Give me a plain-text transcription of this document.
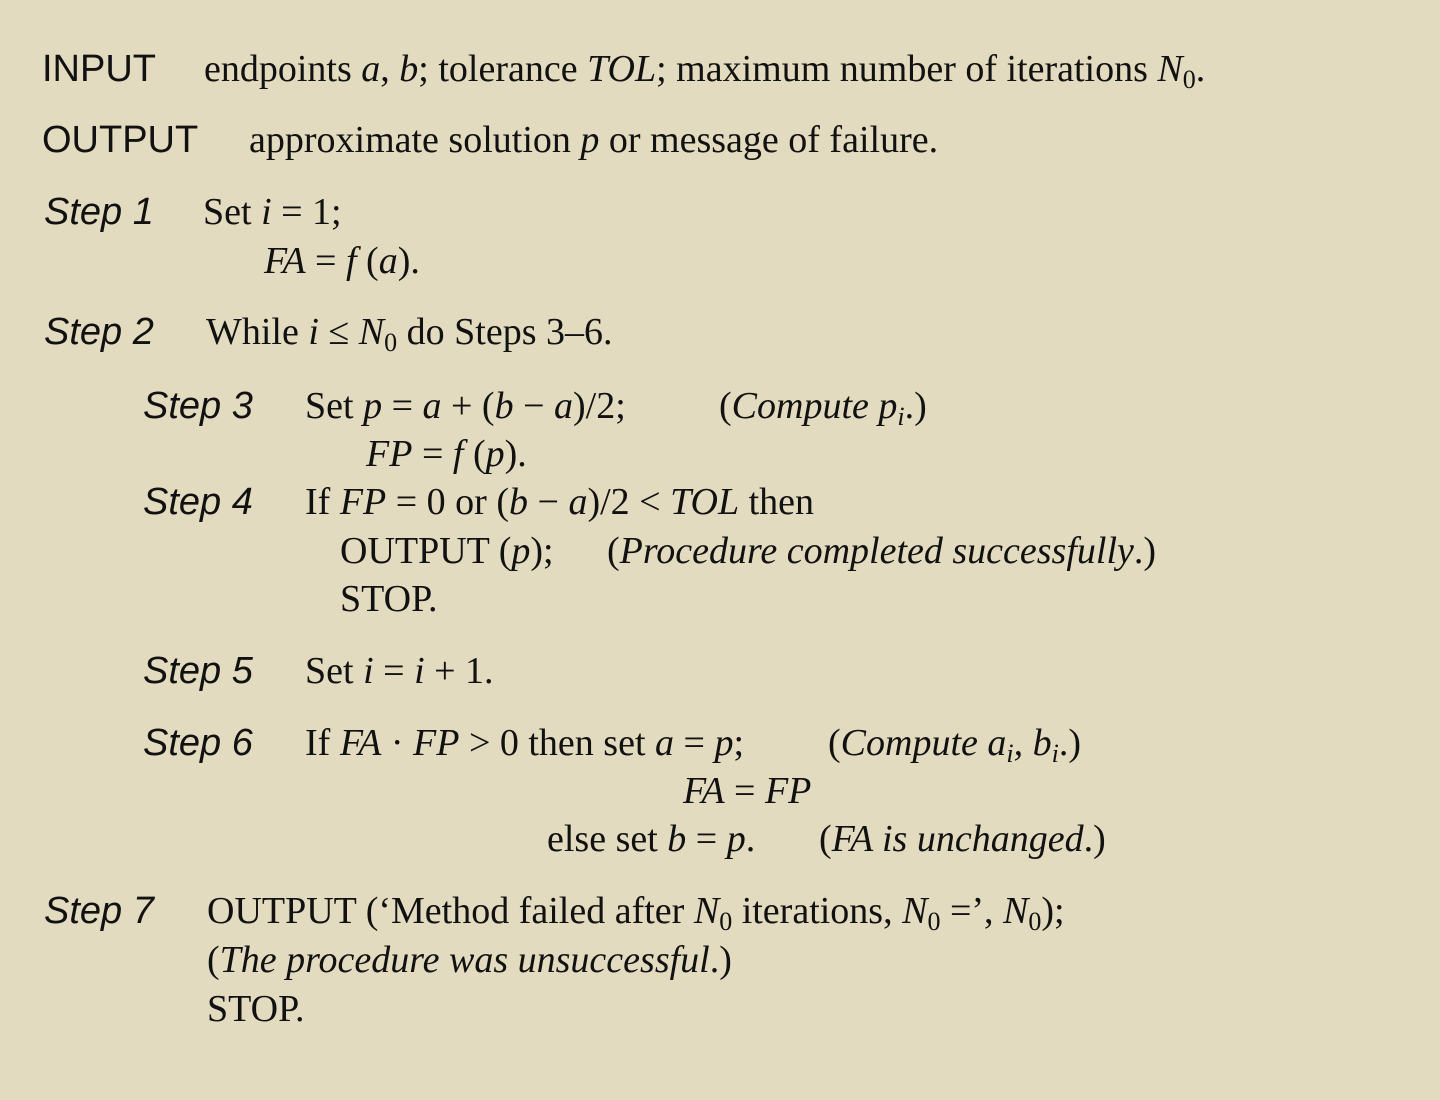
INPUT endpoints a, b; tolerance TOL; maximum number of iterations $N_0$.
OUTPUT approximate solution p or message of failure.
Step 1 Set i = 1;
FA = f (a).
Step 2 While $i \le N_0$ do Steps 3–6.
Step 3 Set p = a + (b − a)/2; (Compute $p_i$.)
FP = f (p).
Step 4 If FP = 0 or (b − a)/2 < TOL then
OUTPUT (p); (Procedure completed successfully.)
STOP.
Step 5 Set i = i + 1.
Step 6 If FA · FP > 0 then set a = p; (Compute $a_i$, $b_i$.)
FA = FP
else set b = p. (FA is unchanged.)
Step 7 OUTPUT (‘Method failed after $N_0$ iterations, $N_0$ =’, $N_0$);
(The procedure was unsuccessful.)
STOP.
